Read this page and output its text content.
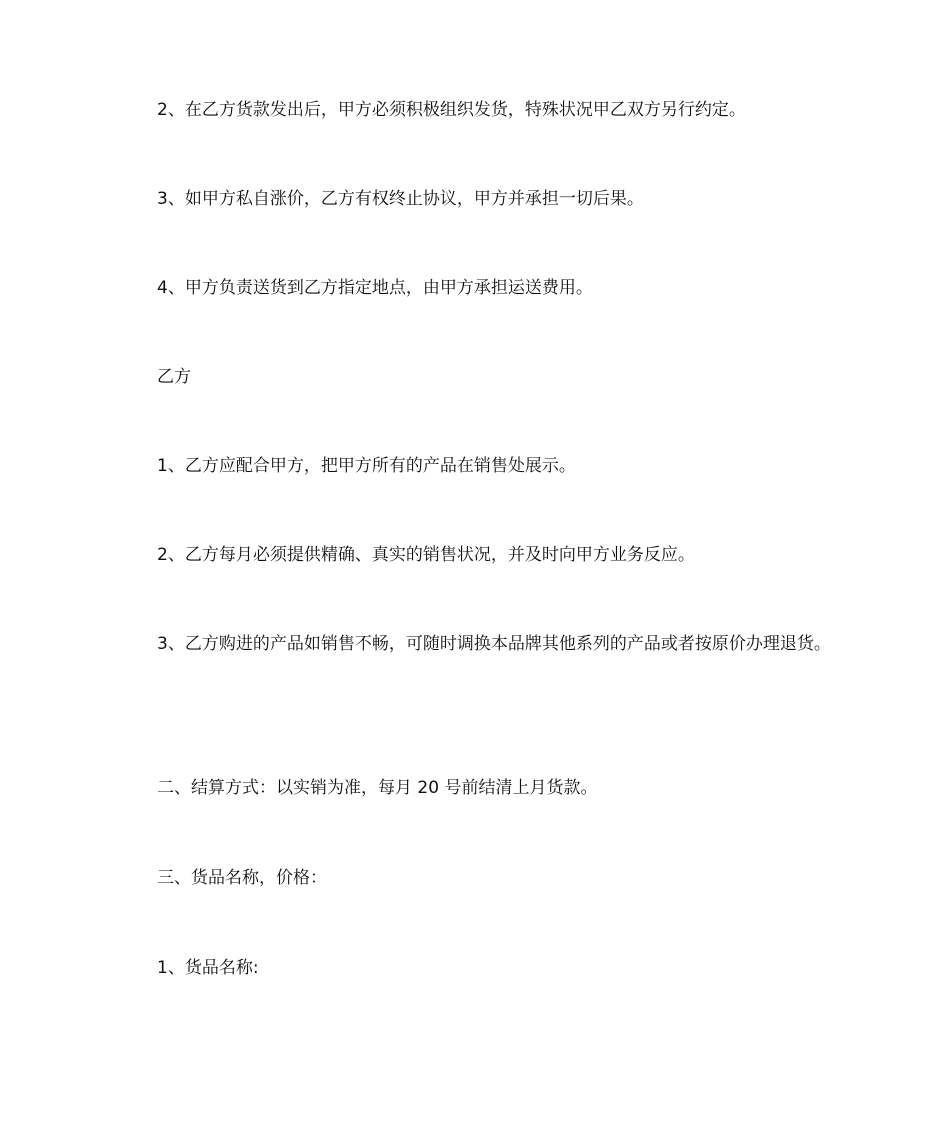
2、在乙方货款发出后，甲方必须积极组织发货，特殊状况甲乙双方另行约定。
3、如甲方私自涨价，乙方有权终止协议，甲方并承担一切后果。
4、甲方负责送货到乙方指定地点，由甲方承担运送费用。
乙方
1、乙方应配合甲方，把甲方所有的产品在销售处展示。
2、乙方每月必须提供精确、真实的销售状况，并及时向甲方业务反应。
3、乙方购进的产品如销售不畅，可随时调换本品牌其他系列的产品或者按原价办理退货。
二、结算方式：以实销为准，每月 20 号前结清上月货款。
三、货品名称，价格：
1、货品名称:
